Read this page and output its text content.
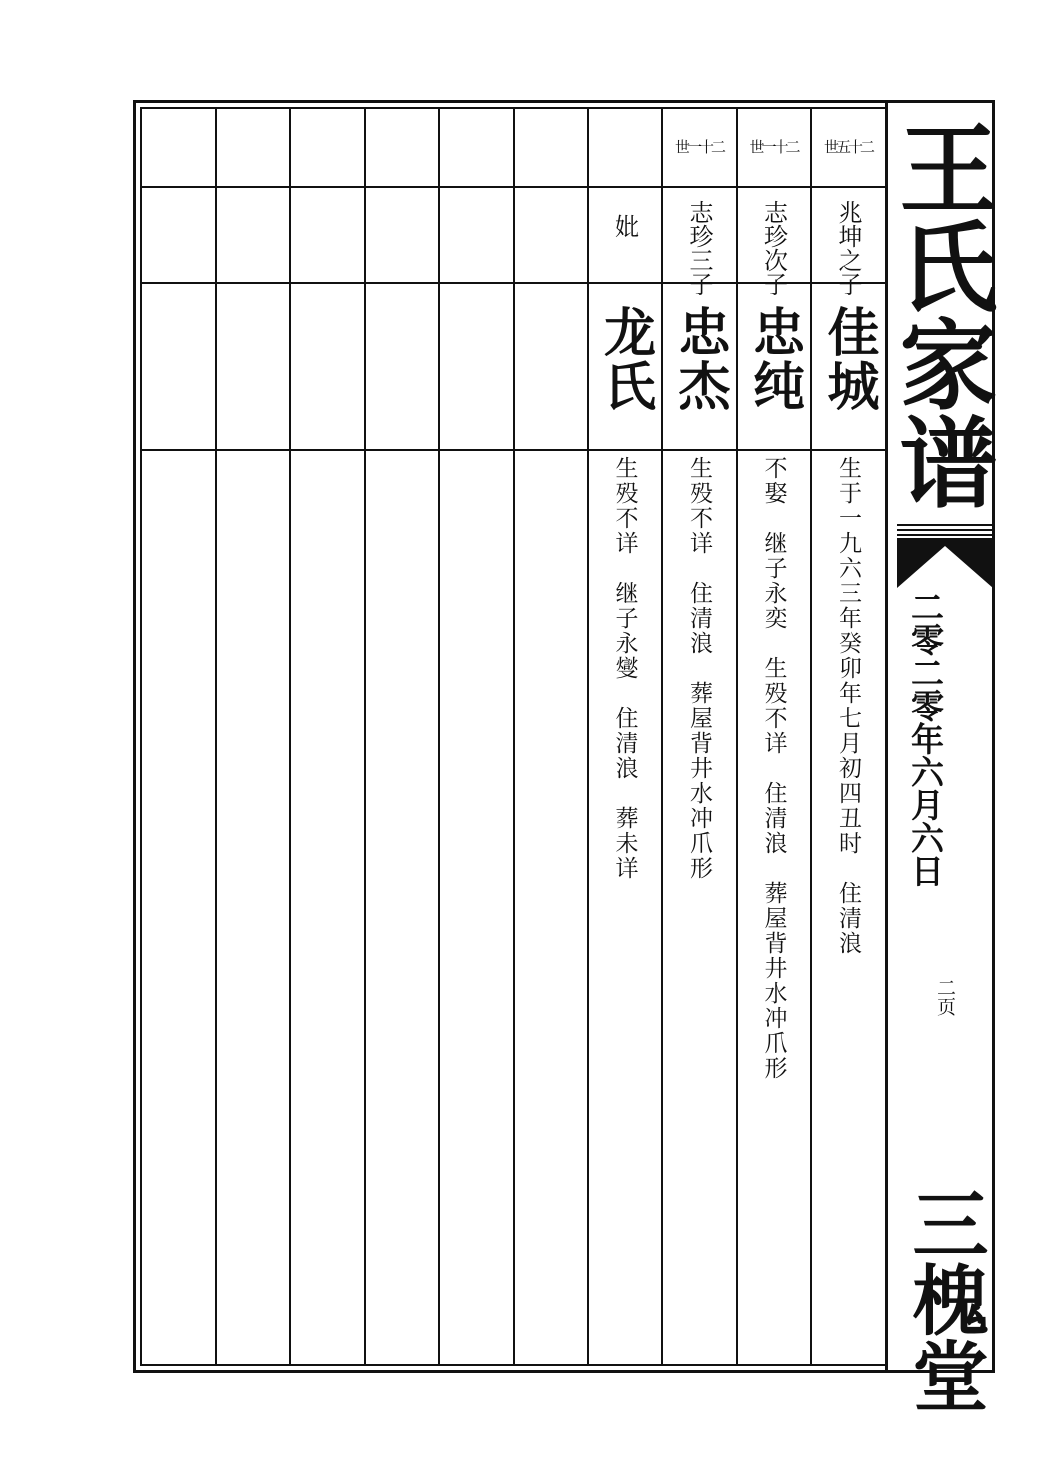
世五十二
兆坤之子
佳城
生于一九六三年癸卯年七月初四丑时　住清浪
世一十二
志珍次子
忠纯
不娶　继子永奕　生殁不详　住清浪　葬屋背井水冲爪形
世一十二
志珍三子
忠杰
生殁不详　住清浪　葬屋背井水冲爪形
妣
龙氏
生殁不详　继子永燮　住清浪　葬未详
王氏家谱
二零二零年六月六日
二页
三槐堂
